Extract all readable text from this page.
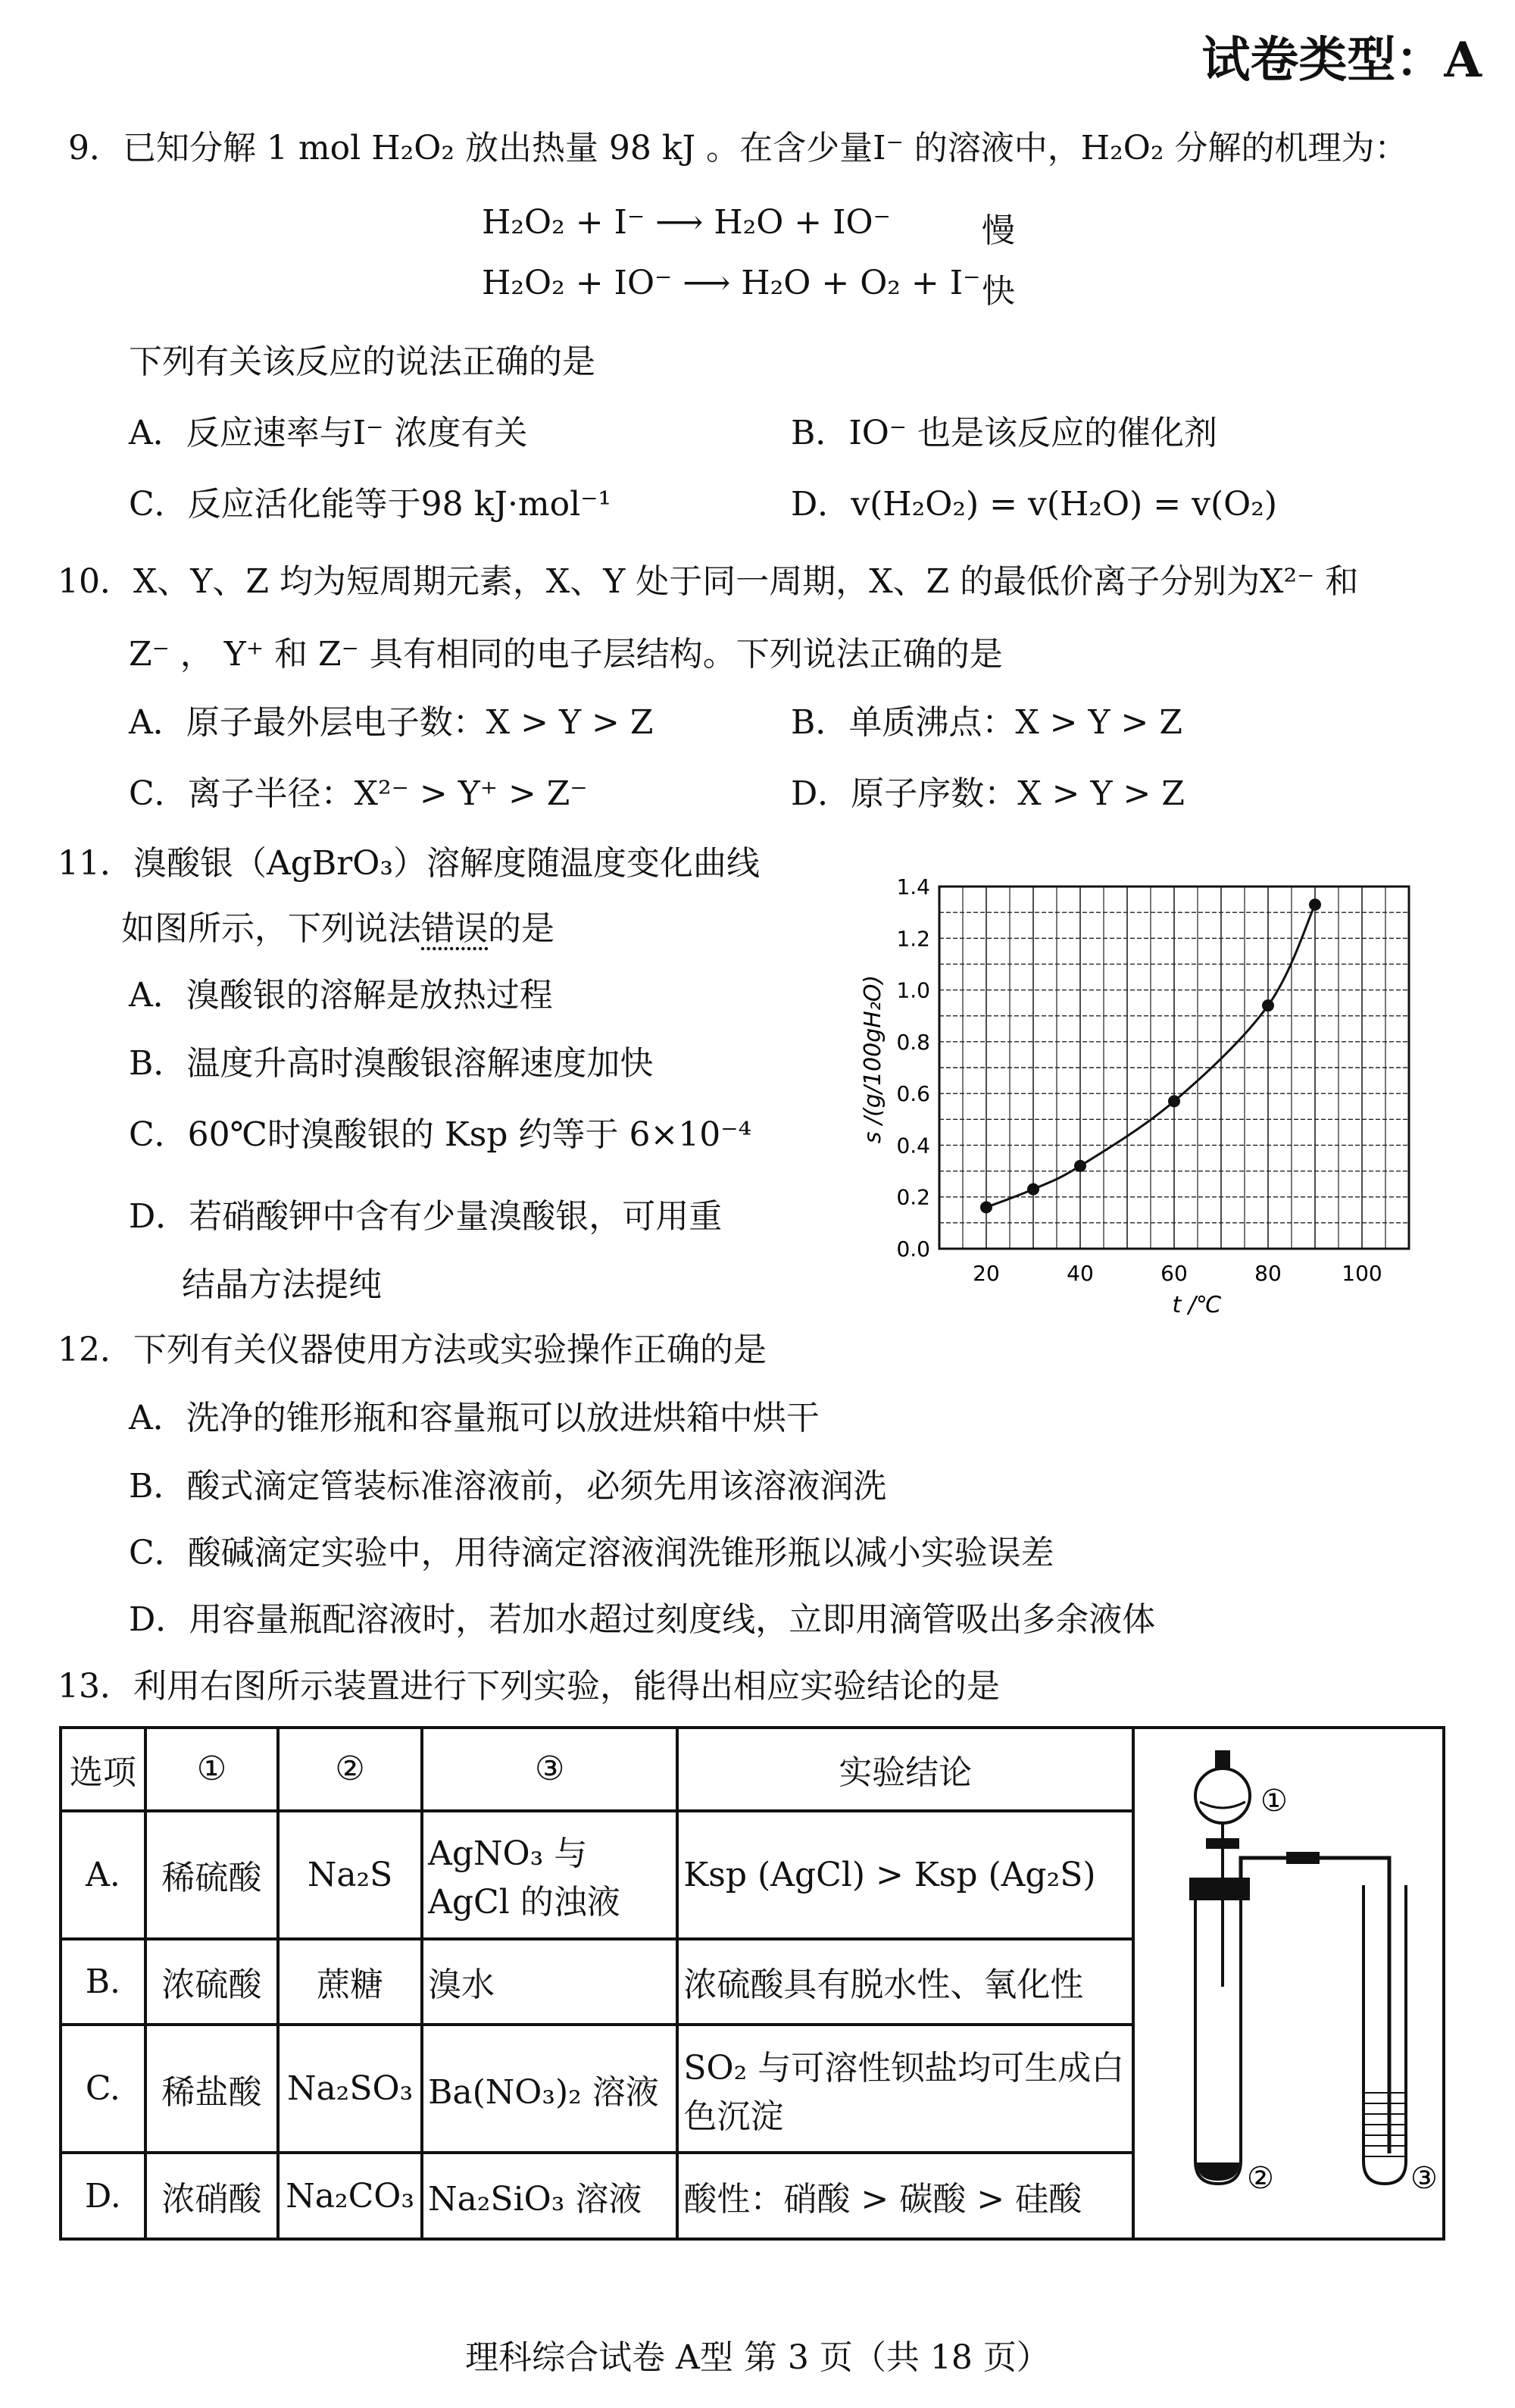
试卷类型：A
9．已知分解 1 mol H₂O₂ 放出热量 98 kJ 。在含少量I⁻ 的溶液中，H₂O₂ 分解的机理为：
H₂O₂ + I⁻ ⟶ H₂O + IO⁻	慢
H₂O₂ + IO⁻ ⟶ H₂O + O₂ + I⁻ 快
下列有关该反应的说法正确的是
A．反应速率与I⁻ 浓度有关	B．IO⁻ 也是该反应的催化剂
C．反应活化能等于98 kJ·mol⁻¹	D．v(H₂O₂) = v(H₂O) = v(O₂)
10．X、Y、Z 均为短周期元素，X、Y 处于同一周期，X、Z 的最低价离子分别为X²⁻ 和
Z⁻ ， Y⁺ 和 Z⁻ 具有相同的电子层结构。下列说法正确的是
A．原子最外层电子数：X > Y > Z	B．单质沸点：X > Y > Z
C．离子半径：X²⁻ > Y⁺ > Z⁻	D．原子序数：X > Y > Z
11．溴酸银（AgBrO₃）溶解度随温度变化曲线
如图所示，下列说法错误的是
A．溴酸银的溶解是放热过程
B．温度升高时溴酸银溶解速度加快
C．60℃时溴酸银的 Ksp 约等于 6×10⁻⁴
D．若硝酸钾中含有少量溴酸银，可用重
结晶方法提纯
0.0
0.2
0.4
0.6
0.8
1.0
1.2
1.4
20	40	60	80	100
s /(g/100gH₂O)
t /℃
12．下列有关仪器使用方法或实验操作正确的是
A．洗净的锥形瓶和容量瓶可以放进烘箱中烘干
B．酸式滴定管装标准溶液前，必须先用该溶液润洗
C．酸碱滴定实验中，用待滴定溶液润洗锥形瓶以减小实验误差
D．用容量瓶配溶液时，若加水超过刻度线，立即用滴管吸出多余液体
13．利用右图所示装置进行下列实验，能得出相应实验结论的是
选项	①	②	③	实验结论	①
② ③

A.	稀硫酸	Na₂S	AgNO₃ 与 AgCl 的浊液	Ksp (AgCl) > Ksp (Ag₂S)	
B.	浓硫酸	蔗糖	溴水	浓硫酸具有脱水性、氧化性	
C.	稀盐酸	Na₂SO₃	Ba(NO₃)₂ 溶液	SO₂ 与可溶性钡盐均可生成白色沉淀	
D.	浓硝酸	Na₂CO₃	Na₂SiO₃ 溶液	酸性：硝酸 > 碳酸 > 硅酸	
理科综合试卷 A型 第 3 页（共 18 页）
